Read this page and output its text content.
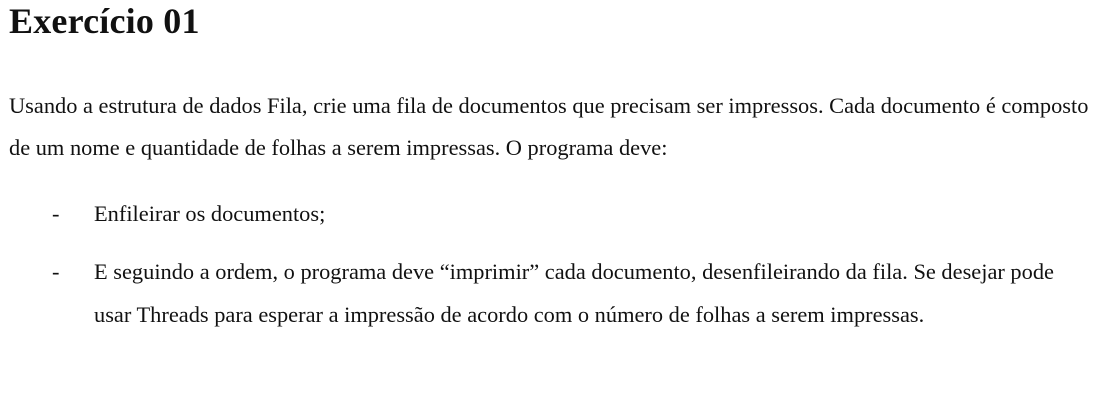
Exercício 01

Usando a estrutura de dados Fila, crie uma fila de documentos que precisam ser impressos. Cada documento é composto de um nome e quantidade de folhas a serem impressas. O programa deve:

- Enfileirar os documentos;
- E seguindo a ordem, o programa deve “imprimir” cada documento, desenfileirando da fila. Se desejar pode usar Threads para esperar a impressão de acordo com o número de folhas a serem impressas.
